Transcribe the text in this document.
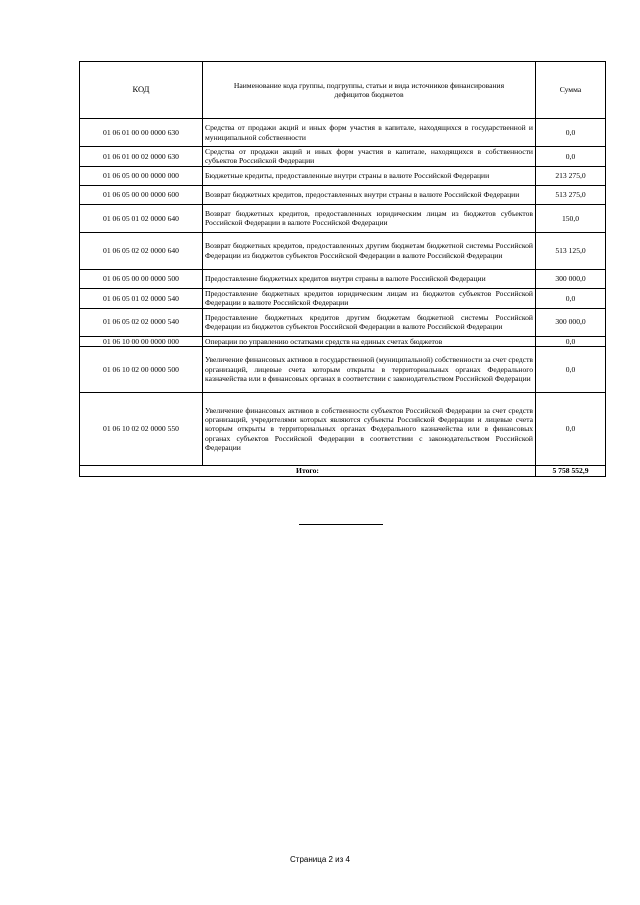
КОД	Наименование кода группы, подгруппы, статьи и вида источников финансирования дефицитов бюджетов	Сумма
01 06 01 00 00 0000 630	Средства от продажи акций и иных форм участия в капитале, находящихся в государственной и муниципальной собственности	0,0
01 06 01 00 02 0000 630	Средства от продажи акций и иных форм участия в капитале, находящихся в собственности субъектов Российской Федерации	0,0
01 06 05 00 00 0000 000	Бюджетные кредиты, предоставленные внутри страны в валюте Российской Федерации	213 275,0
01 06 05 00 00 0000 600	Возврат бюджетных кредитов, предоставленных внутри страны в валюте Российской Федерации	513 275,0
01 06 05 01 02 0000 640	Возврат бюджетных кредитов, предоставленных юридическим лицам из бюджетов субъектов Российской Федерации в валюте Российской Федерации	150,0
01 06 05 02 02 0000 640	Возврат бюджетных кредитов, предоставленных другим бюджетам бюджетной системы Российской Федерации из бюджетов субъектов Российской Федерации в валюте Российской Федерации	513 125,0
01 06 05 00 00 0000 500	Предоставление бюджетных кредитов внутри страны в валюте Российской Федерации	300 000,0
01 06 05 01 02 0000 540	Предоставление бюджетных кредитов юридическим лицам из бюджетов субъектов Российской Федерации в валюте Российской Федерации	0,0
01 06 05 02 02 0000 540	Предоставление бюджетных кредитов другим бюджетам бюджетной системы Российской Федерации из бюджетов субъектов Российской Федерации в валюте Российской Федерации	300 000,0
01 06 10 00 00 0000 000	Операции по управлению остатками средств на единых счетах бюджетов	0,0
01 06 10 02 00 0000 500	Увеличение финансовых активов в государственной (муниципальной) собственности за счет средств организаций, лицевые счета которым открыты в территориальных органах Федерального казначейства или в финансовых органах в соответствии с законодательством Российской Федерации	0,0
01 06 10 02 02 0000 550	Увеличение финансовых активов в собственности субъектов Российской Федерации за счет средств организаций, учредителями которых являются субъекты Российской Федерации и лицевые счета которым открыты в территориальных органах Федерального казначейства или в финансовых органах субъектов Российской Федерации в соответствии с законодательством Российской Федерации	0,0
Итого:		5 758 552,9
Страница 2 из 4
